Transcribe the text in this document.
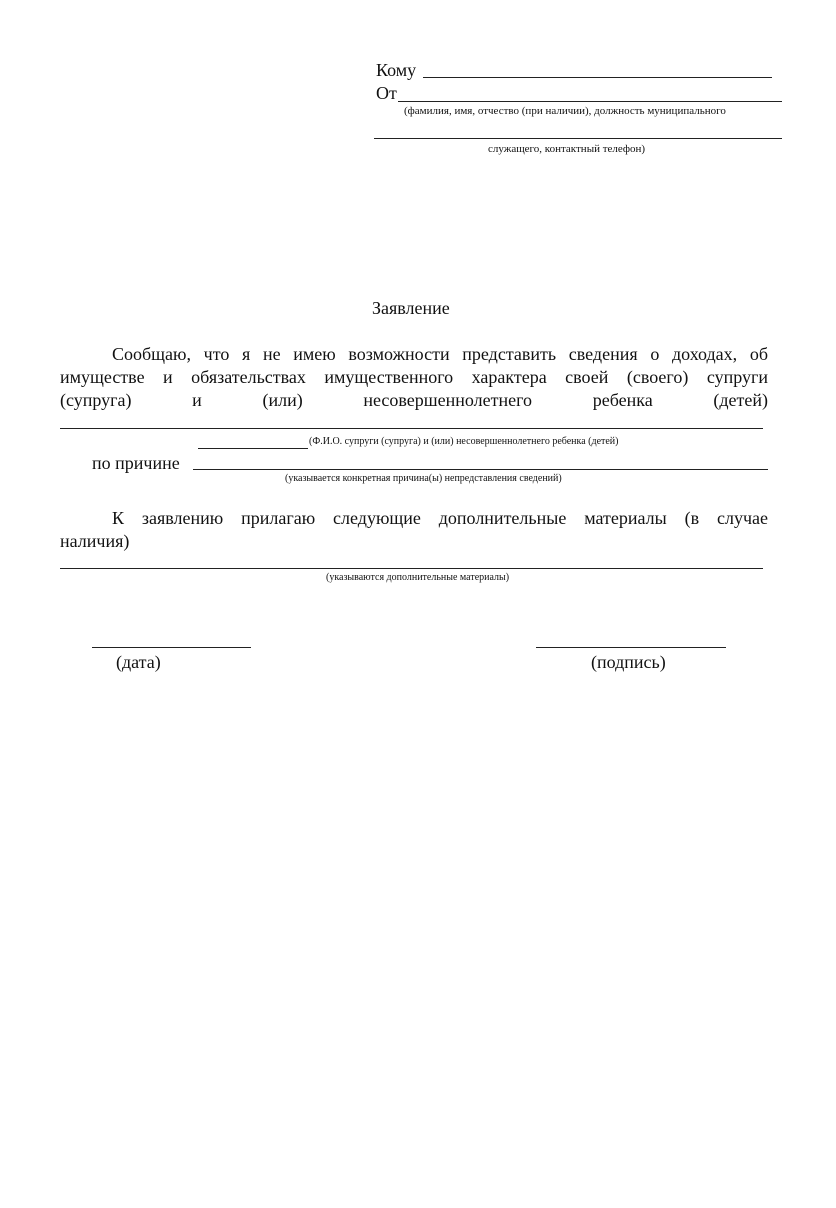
Кому
От
(фамилия, имя, отчество (при наличии), должность муниципального
служащего, контактный телефон)
Заявление
Сообщаю, что я не имею возможности представить сведения о доходах, об
имуществе и обязательствах имущественного характера своей (своего) супруги
(супруга) и (или) несовершеннолетнего ребенка (детей)
(Ф.И.О. супруги (супруга) и (или) несовершеннолетнего ребенка (детей)
по причине
(указывается конкретная причина(ы) непредставления сведений)
К заявлению прилагаю следующие дополнительные материалы (в случае
наличия)
(указываются дополнительные материалы)
(дата)	(подпись)
